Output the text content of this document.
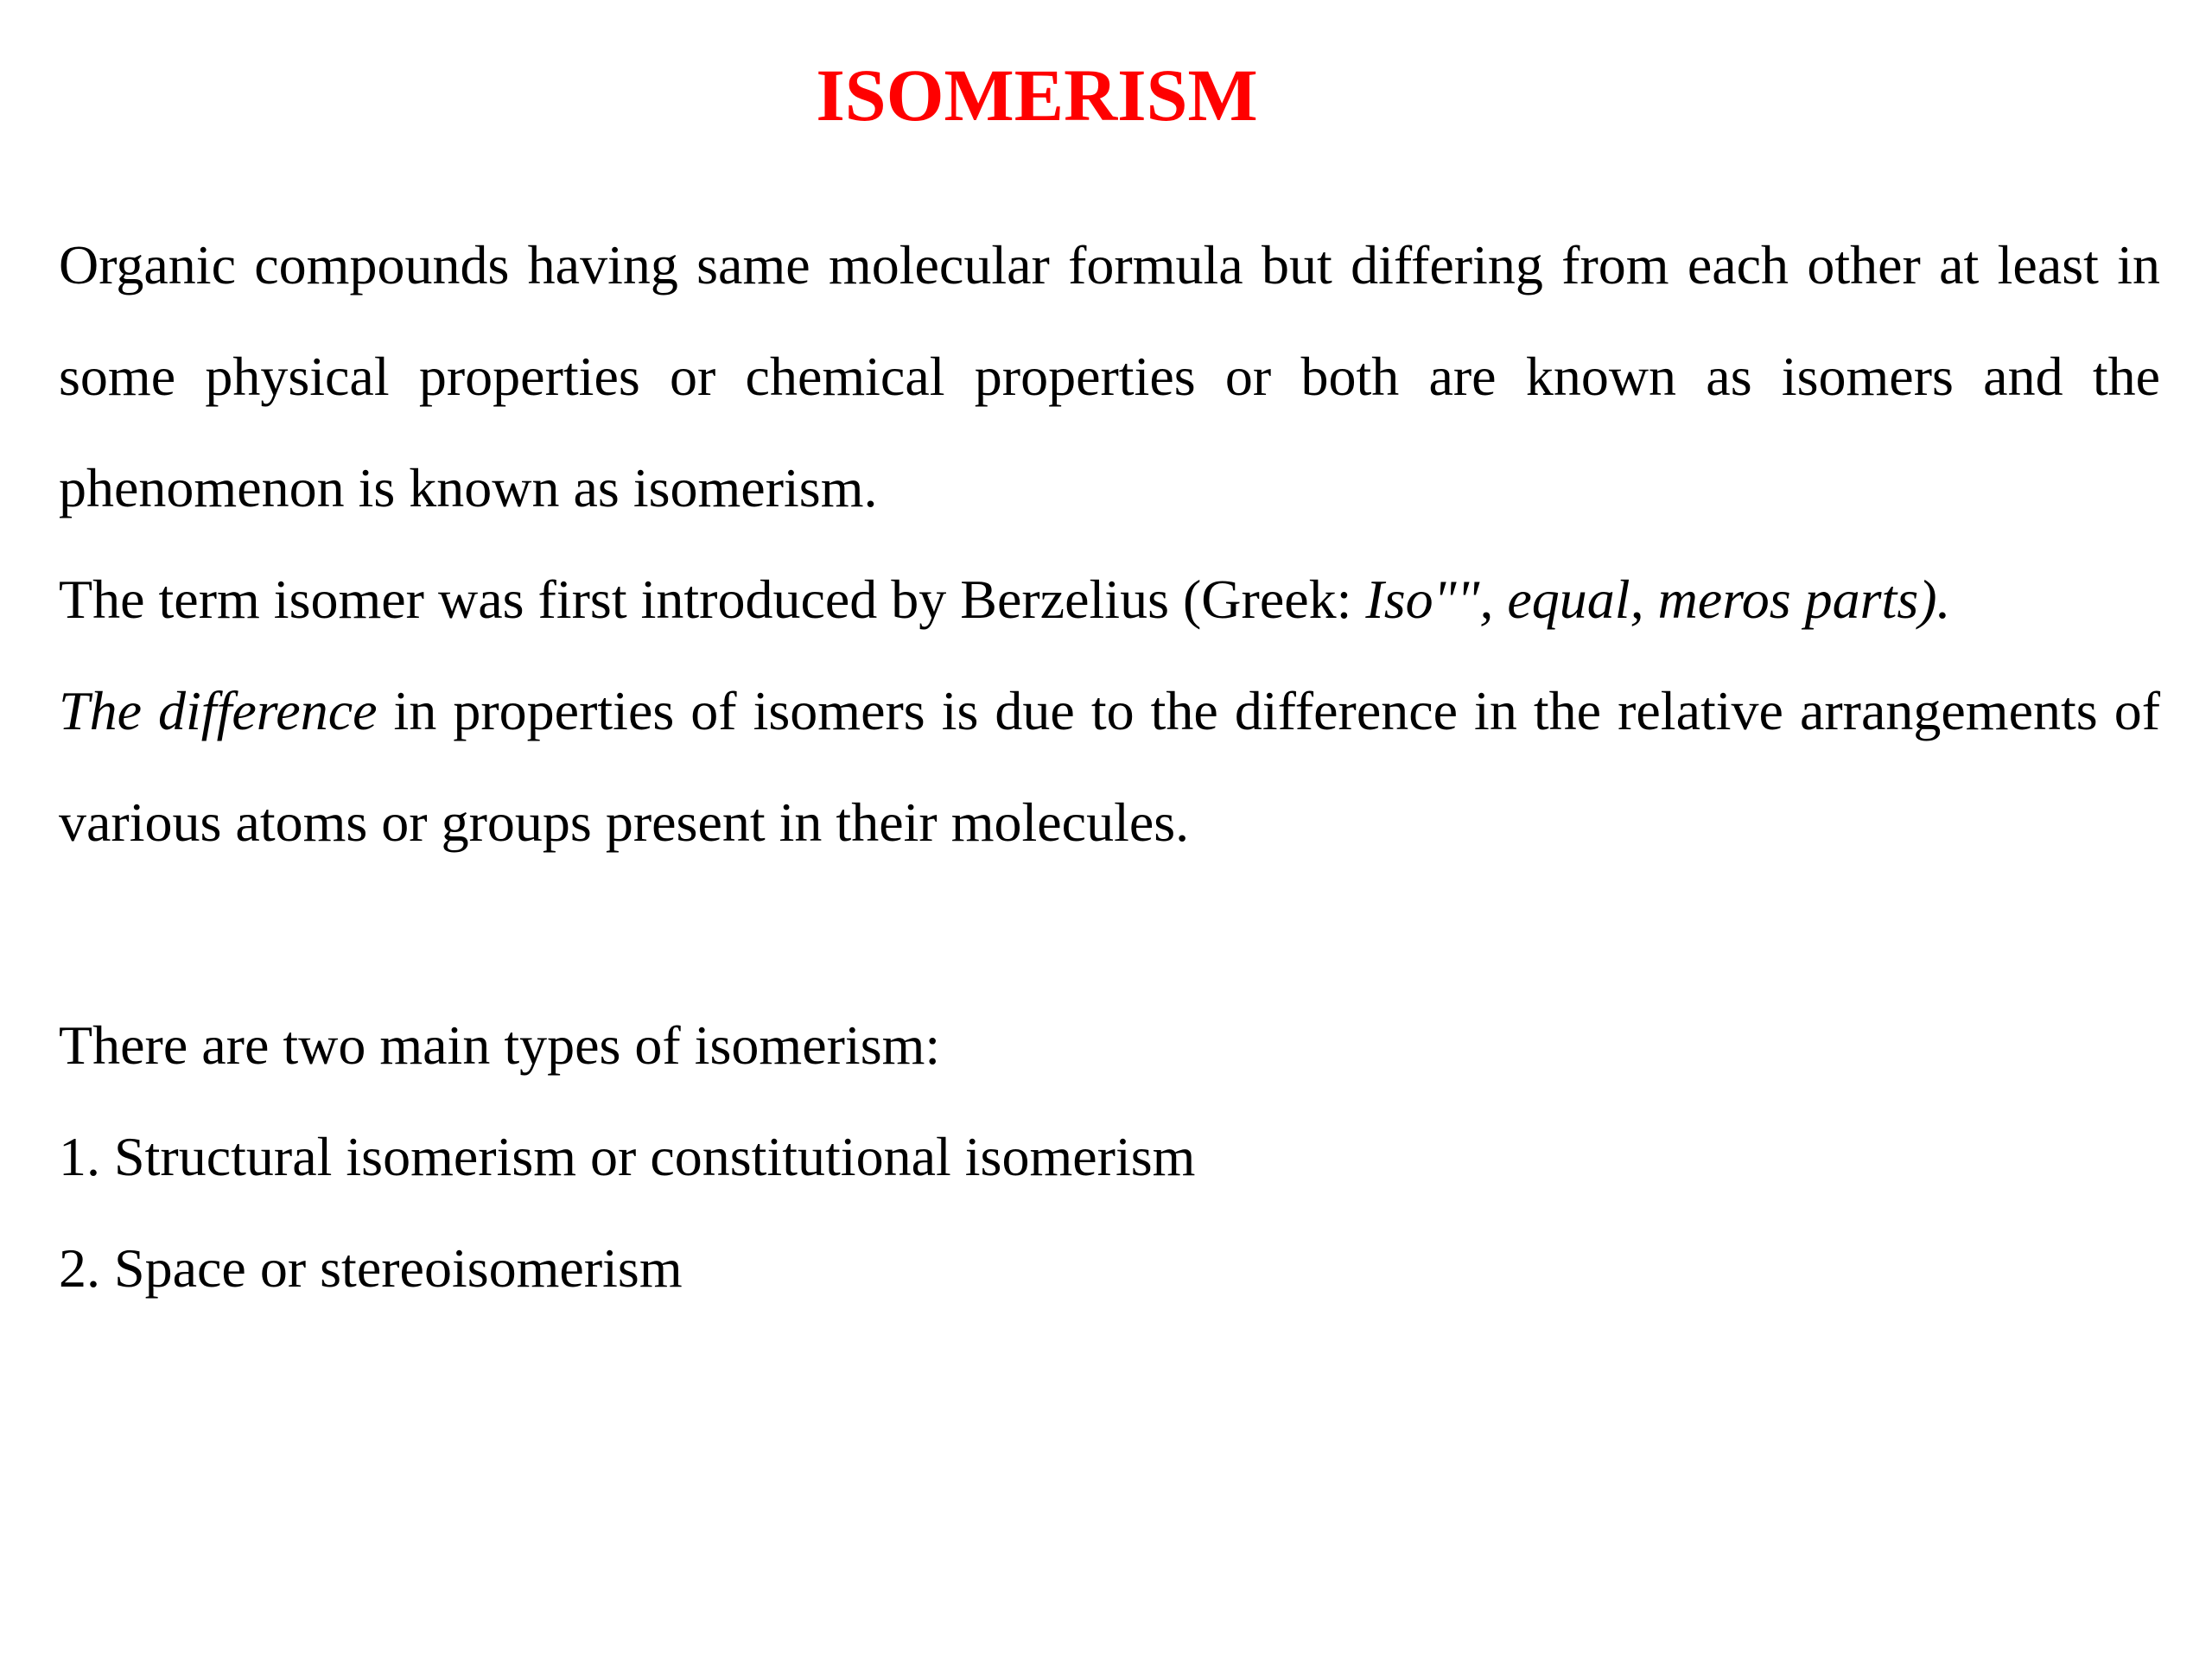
ISOMERISM

Organic compounds having same molecular formula but differing from each other at least in some physical properties or chemical properties or both are known as isomers and the phenomenon is known as isomerism.

The term isomer was first introduced by Berzelius (Greek: Iso"", equal, meros parts).

The difference in properties of isomers is due to the difference in the relative arrangements of various atoms or groups present in their molecules.

There are two main types of isomerism:

1. Structural isomerism or constitutional isomerism

2. Space or stereoisomerism
